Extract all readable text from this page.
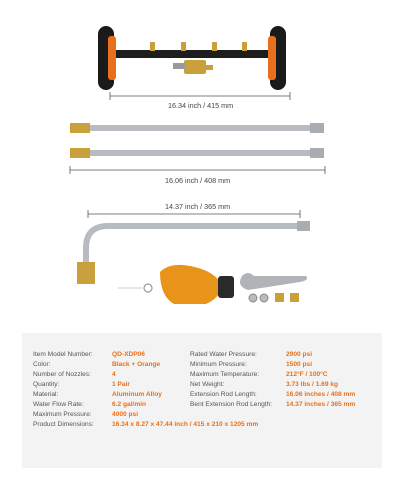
16.34 inch / 415 mm
16.06 inch / 408 mm
14.37 inch / 365 mm
Item Model Number:	QD-XDP06
Color:	Black + Orange
Number of Nozzles:	4
Quantity:	1 Pair
Material:	Aluminum Alloy
Water Flow Rate:	6.2 gal/min
Maximum Pressure:	4000 psi
Product Dimensions:	16.34 x 8.27 x 47.44 inch / 415 x 210 x 1205 mm
Rated Water Pressure:	2900 psi
Minimum Pressure:	1500 psi
Maximum Temperature:	212°F / 100°C
Net Weight:	3.73 lbs / 1.69 kg
Extension Rod Length:	16.06 inches / 408 mm
Bent Extension Rod Length: 14.37 inches / 365 mm
